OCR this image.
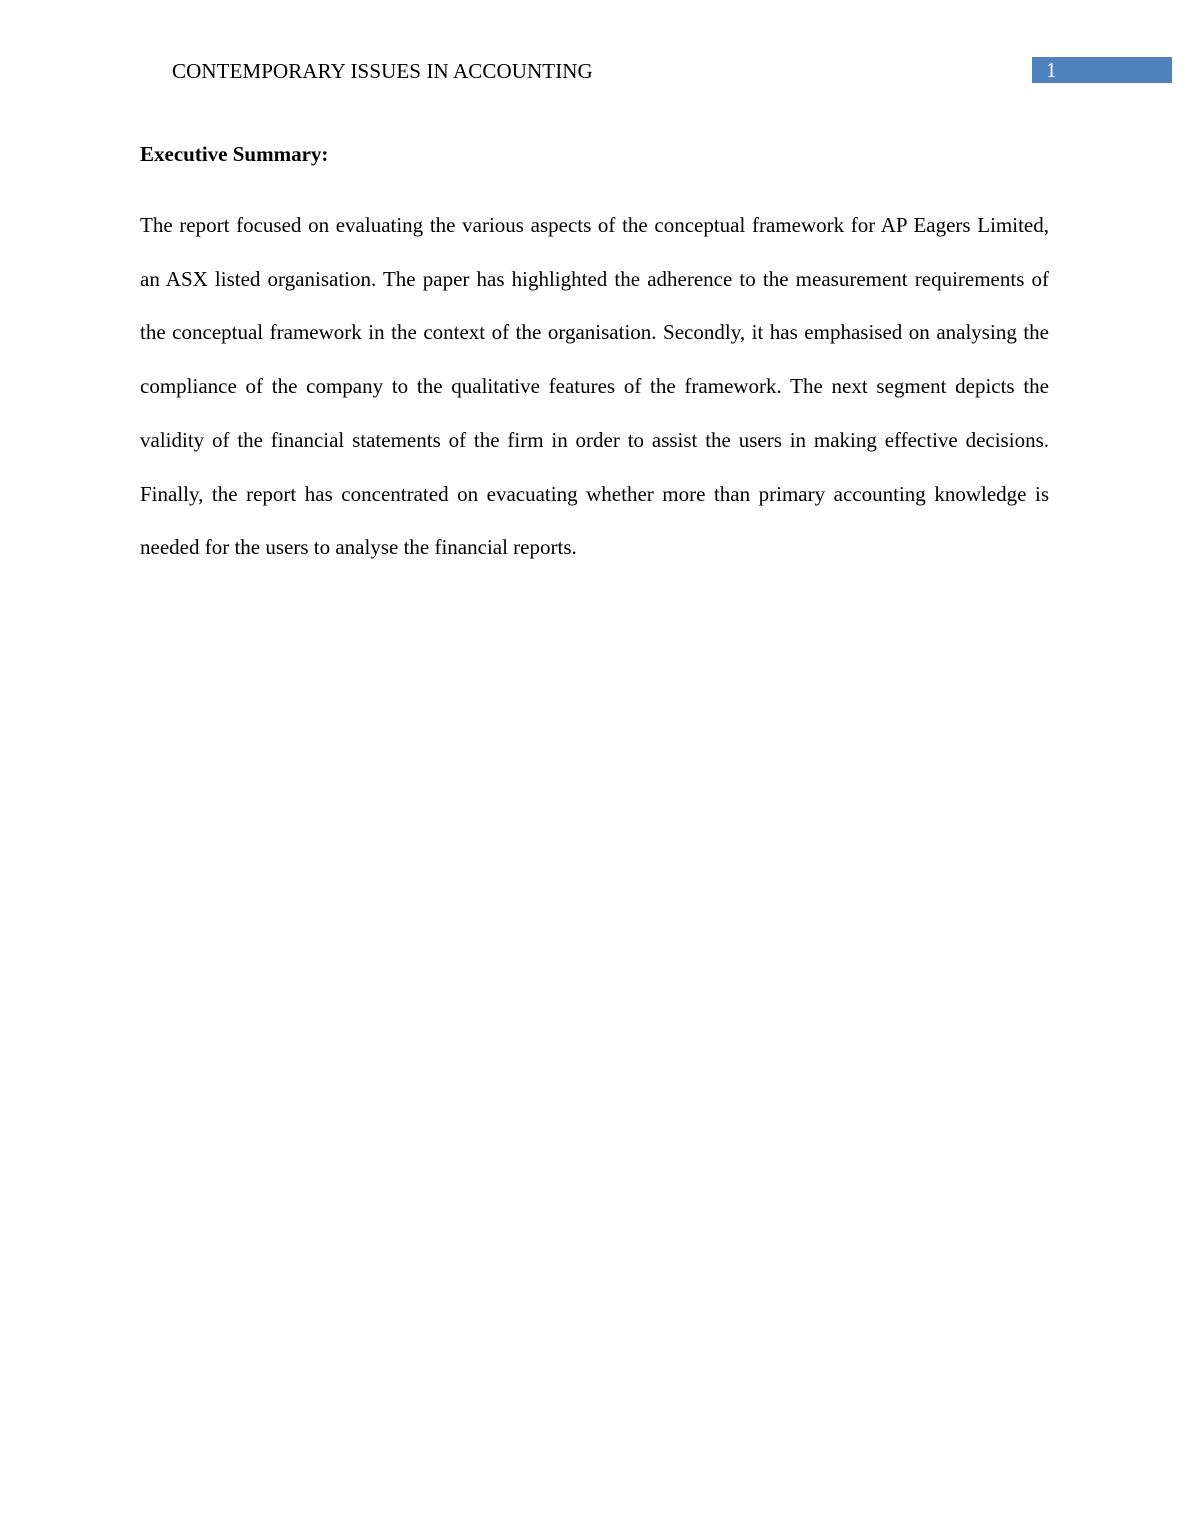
CONTEMPORARY ISSUES IN ACCOUNTING	1
Executive Summary:

The report focused on evaluating the various aspects of the conceptual framework for AP Eagers Limited, an ASX listed organisation. The paper has highlighted the adherence to the measurement requirements of the conceptual framework in the context of the organisation. Secondly, it has emphasised on analysing the compliance of the company to the qualitative features of the framework. The next segment depicts the validity of the financial statements of the firm in order to assist the users in making effective decisions. Finally, the report has concentrated on evacuating whether more than primary accounting knowledge is needed for the users to analyse the financial reports.
